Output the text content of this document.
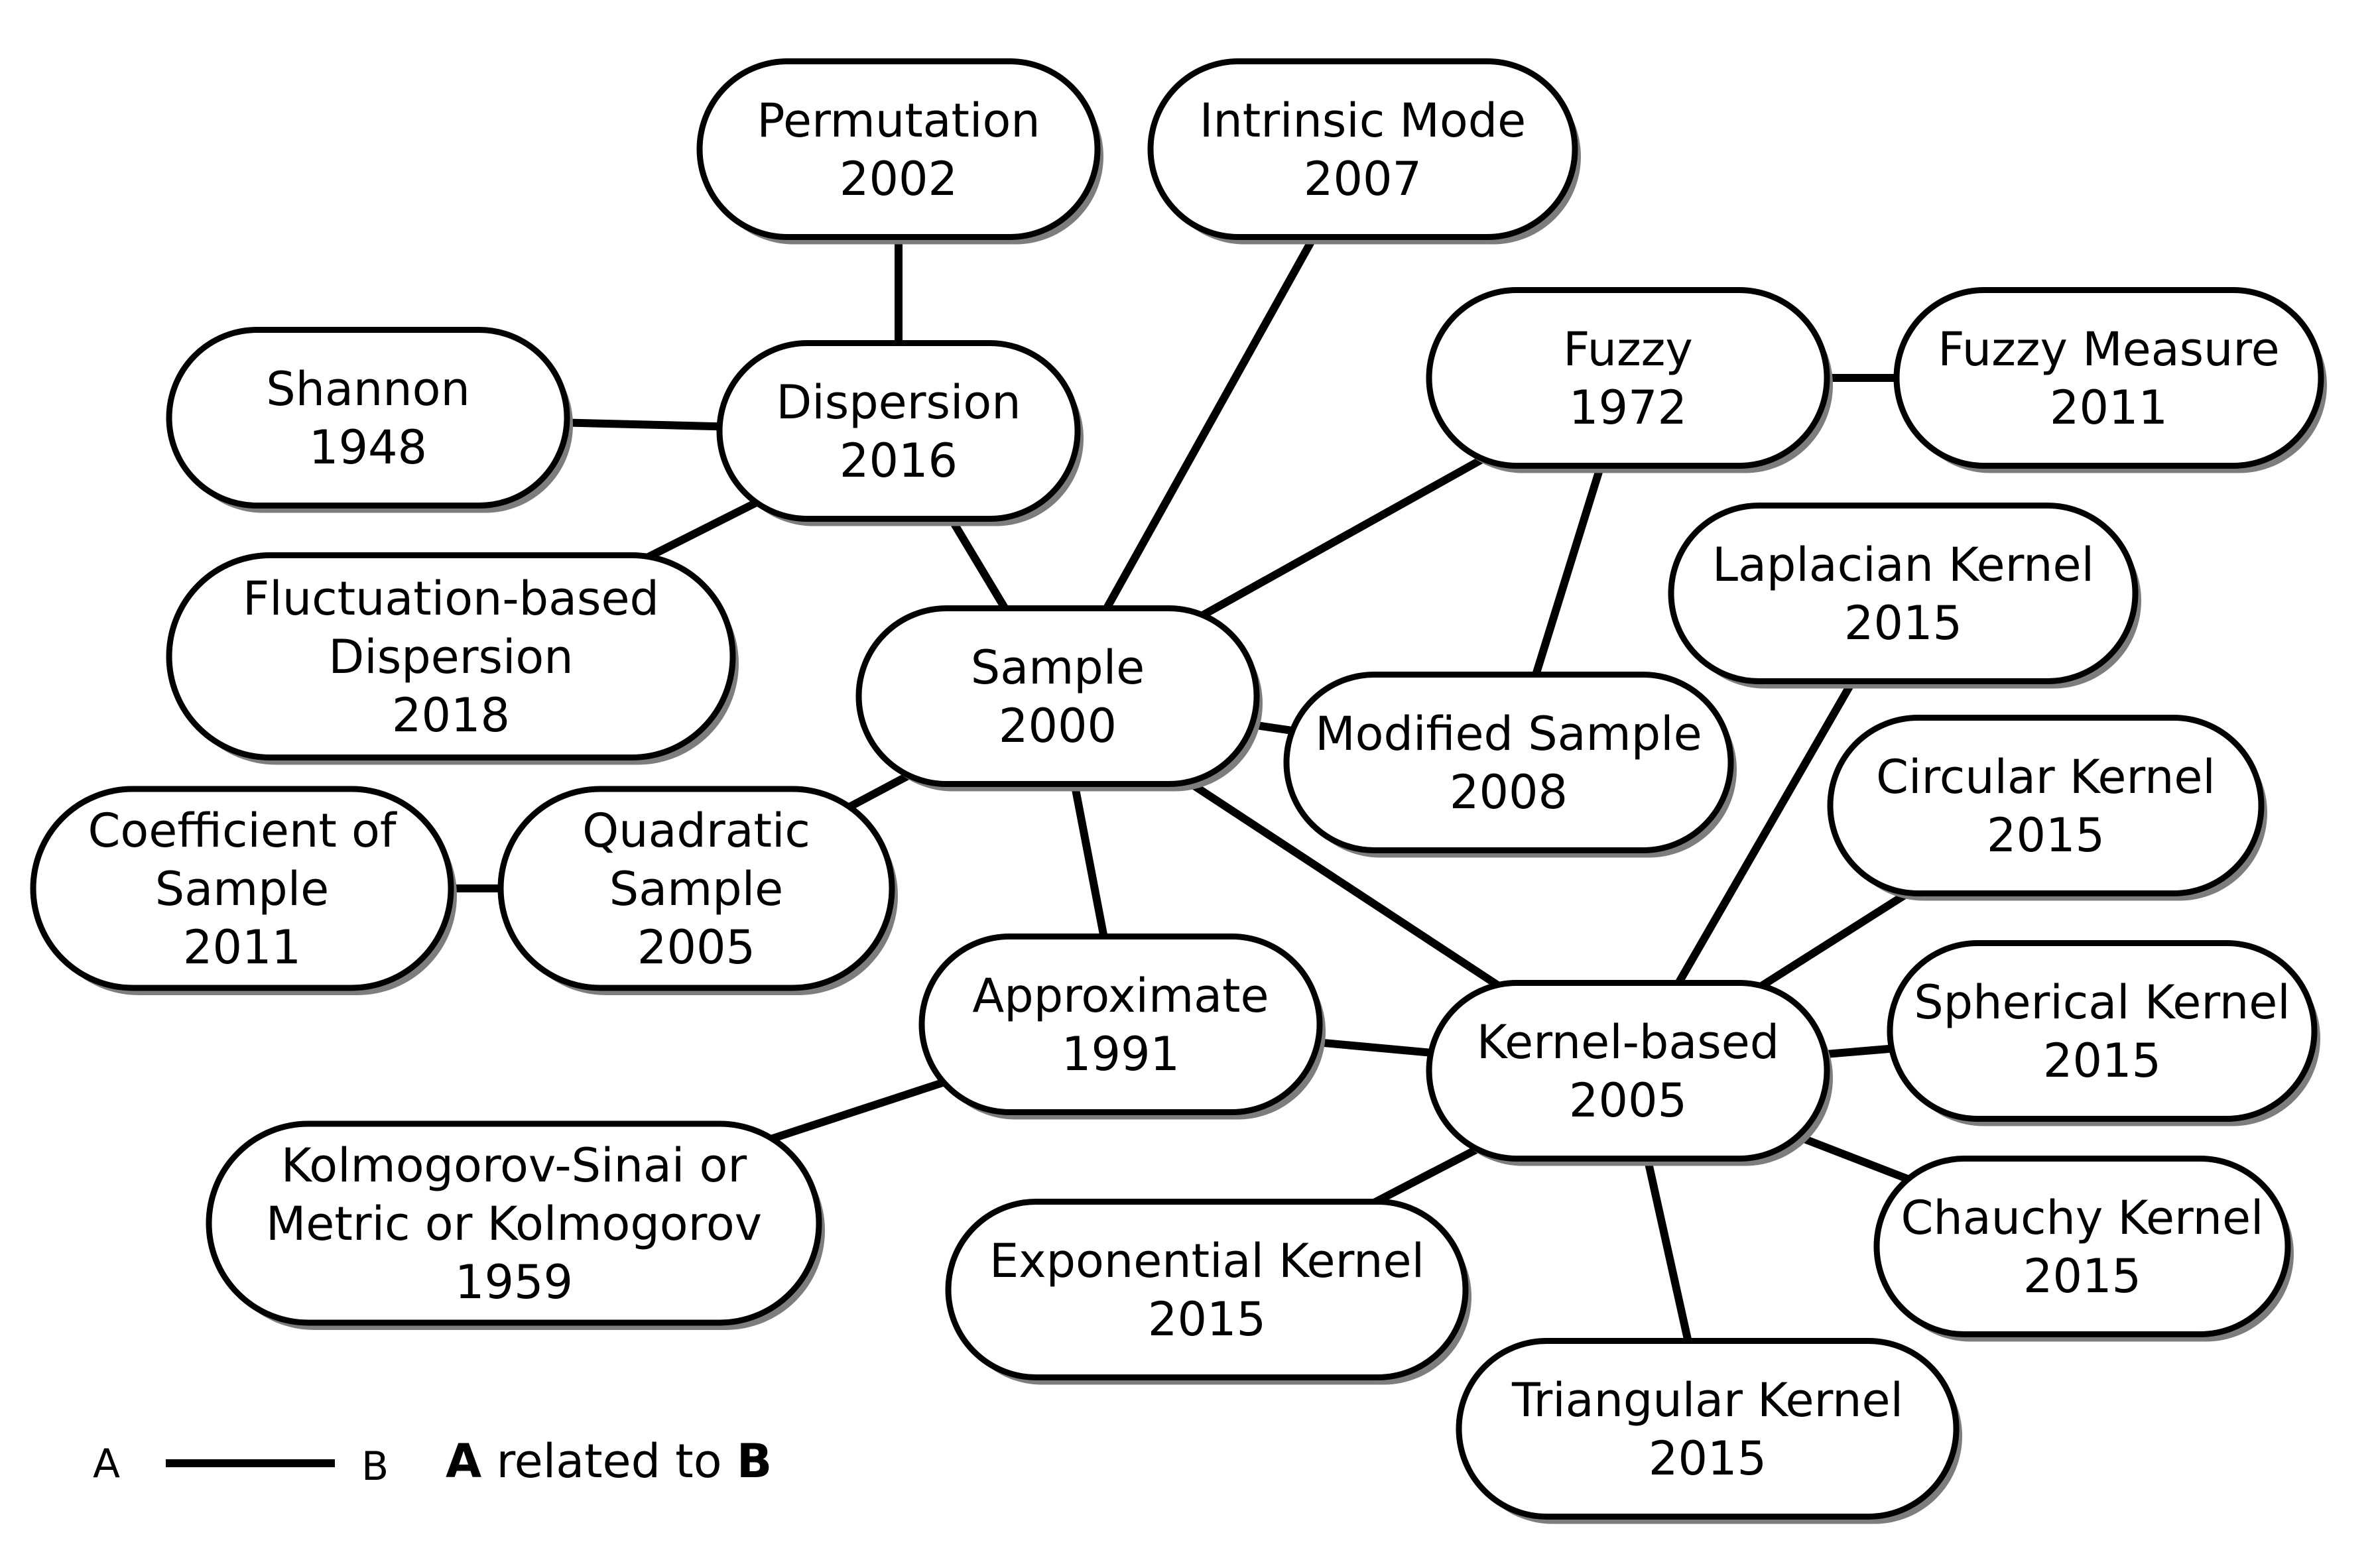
Permutation
2002
Intrinsic Mode
2007
Shannon
1948
Dispersion
2016
Fuzzy
1972
Fuzzy Measure
2011
Fluctuation-based
Dispersion
2018
Laplacian Kernel
2015
Sample
2000	Modified Sample
2008	Circular Kernel
2015
Coefficient of
Sample
2011
Quadratic
Sample
2005
Approximate
1991	Kernel-based
2005
Spherical Kernel
2015
Kolmogorov-Sinai or
Metric or Kolmogorov
1959
Chauchy Kernel
2015
Exponential Kernel
2015
Triangular Kernel
2015
A	B A related to B
